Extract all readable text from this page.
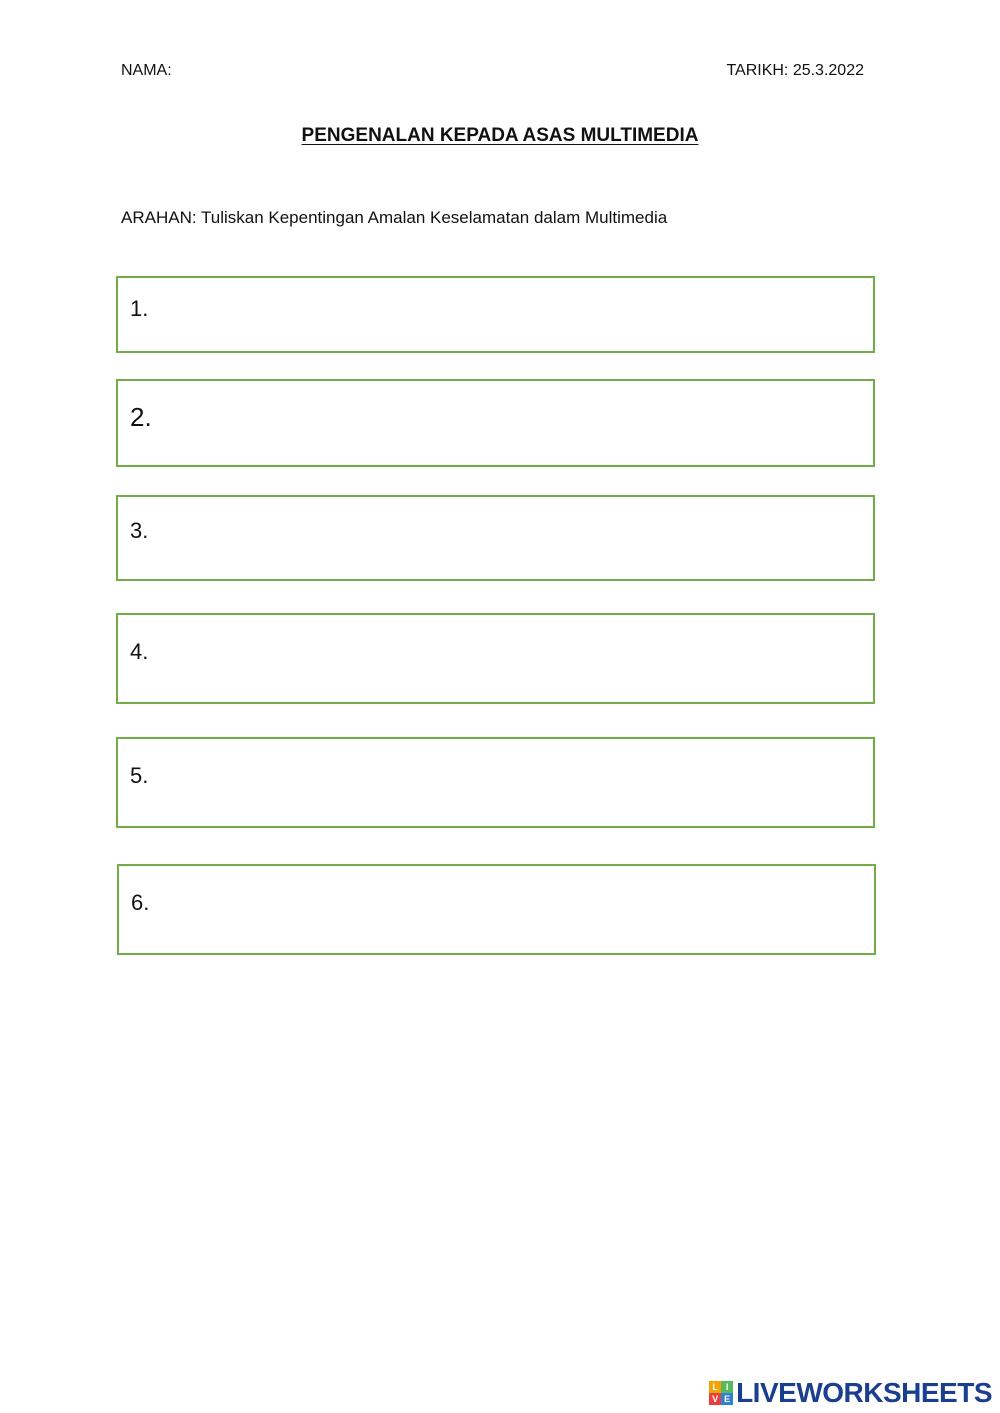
NAMA:	TARIKH: 25.3.2022
PENGENALAN KEPADA ASAS MULTIMEDIA
ARAHAN: Tuliskan Kepentingan Amalan Keselamatan dalam Multimedia
1.
2.
3.
4.
5.
6.
L I
V E LIVEWORKSHEETS
